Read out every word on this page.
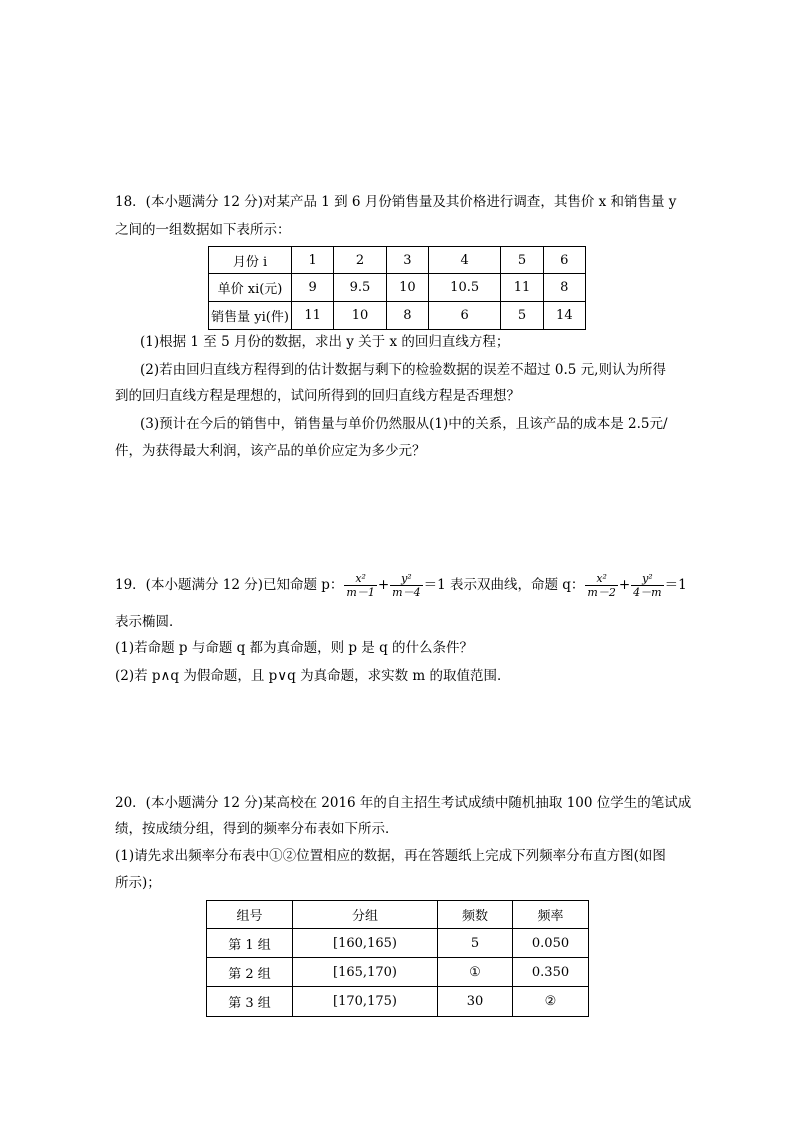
18．(本小题满分 12 分)对某产品 1 到 6 月份销售量及其价格进行调查，其售价 x 和销售量 y
之间的一组数据如下表所示：
月份 i	1	2	3	4	5	6
单价 xi(元)	9	9.5	10	10.5	11	8
销售量 yi(件)	11	10	8	6	5	14
(1)根据 1 至 5 月份的数据，求出 y 关于 x 的回归直线方程；
(2)若由回归直线方程得到的估计数据与剩下的检验数据的误差不超过 0.5 元,则认为所得
到的回归直线方程是理想的，试问所得到的回归直线方程是否理想？
(3)预计在今后的销售中，销售量与单价仍然服从(1)中的关系，且该产品的成本是 2.5元/
件，为获得最大利润，该产品的单价应定为多少元？
19．(本小题满分 12 分)已知命题 p： $\frac{\text{x²}}{m-1} + \frac{\text{y²}}{m-4} =1$ 表示双曲线，命题 q： $\frac{\text{x²}}{m-2} + \frac{\text{y²}}{4-m} =1$
表示椭圆．
(1)若命题 p 与命题 q 都为真命题，则 p 是 q 的什么条件？
(2)若 p∧q 为假命题，且 p∨q 为真命题，求实数 m 的取值范围．
20．(本小题满分 12 分)某高校在 2016 年的自主招生考试成绩中随机抽取 100 位学生的笔试成
绩，按成绩分组，得到的频率分布表如下所示．
(1)请先求出频率分布表中①②位置相应的数据，再在答题纸上完成下列频率分布直方图(如图
所示)；
组号	分组	频数	频率
第 1 组	[160,165)	5	0.050
第 2 组	[165,170)	①	0.350
第 3 组	[170,175)	30	②
